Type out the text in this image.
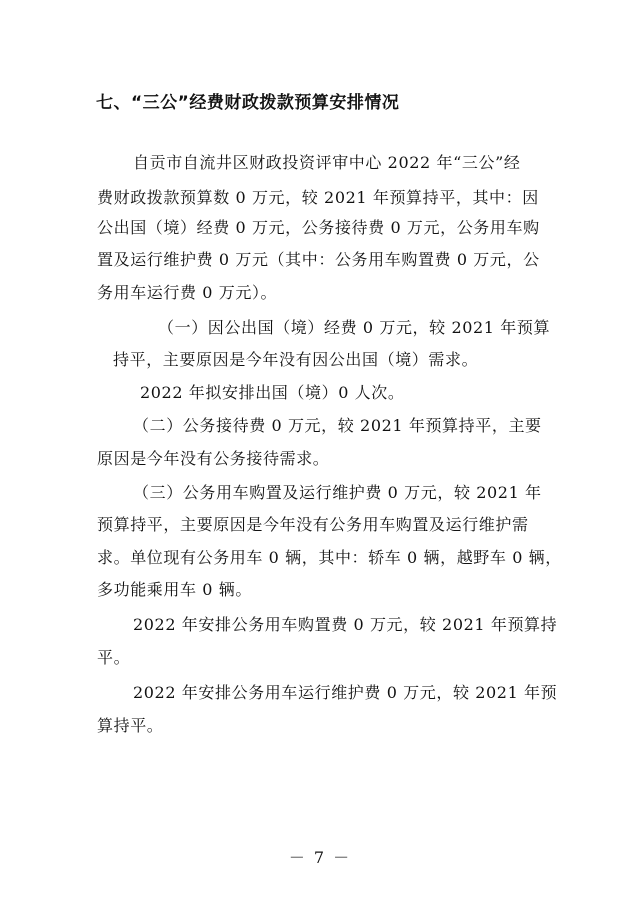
七、“三公”经费财政拨款预算安排情况
自贡市自流井区财政投资评审中心 2022 年“三公”经
费财政拨款预算数 0 万元，较 2021 年预算持平，其中：因
公出国（境）经费 0 万元，公务接待费 0 万元，公务用车购
置及运行维护费 0 万元（其中：公务用车购置费 0 万元，公
务用车运行费 0 万元）。
（一）因公出国（境）经费 0 万元，较 2021 年预算
持平，主要原因是今年没有因公出国（境）需求。
2022 年拟安排出国（境）0 人次。
（二）公务接待费 0 万元，较 2021 年预算持平，主要
原因是今年没有公务接待需求。
（三）公务用车购置及运行维护费 0 万元，较 2021 年
预算持平，主要原因是今年没有公务用车购置及运行维护需
求。单位现有公务用车 0 辆，其中：轿车 0 辆，越野车 0 辆，
多功能乘用车 0 辆。
2022 年安排公务用车购置费 0 万元，较 2021 年预算持
平。
2022 年安排公务用车运行维护费 0 万元，较 2021 年预
算持平。
－ 7 －
